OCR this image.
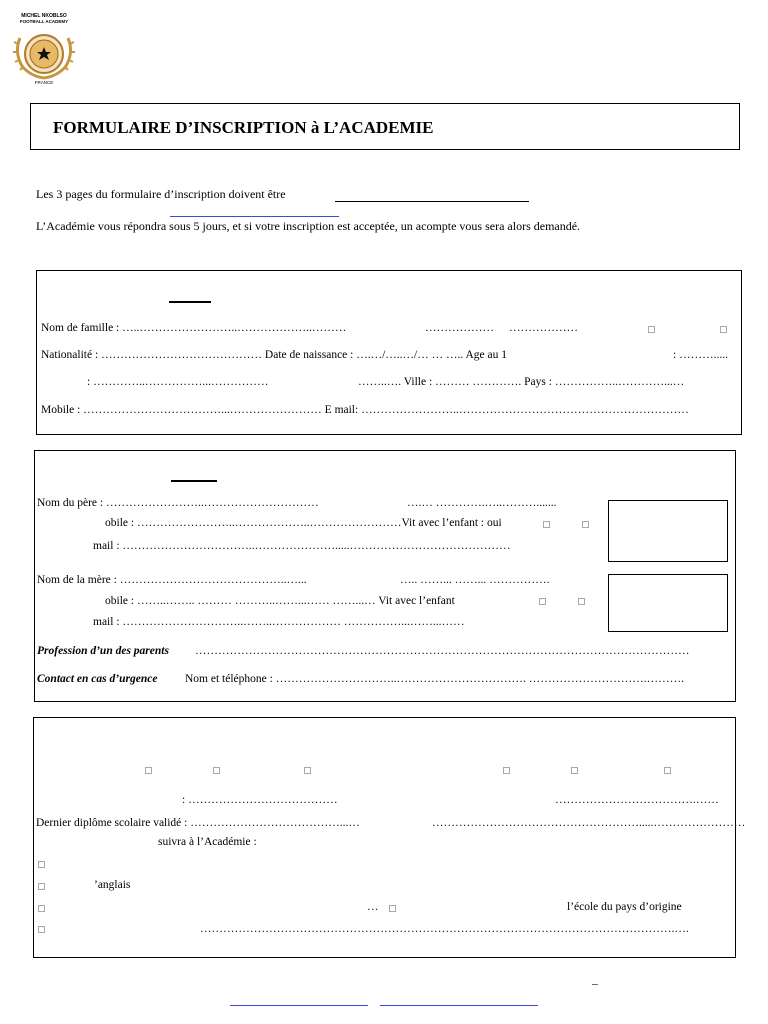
MICHEL NKOBLSO
FOOTBALL ACADEMY
FRANCE
FORMULAIRE D’INSCRIPTION à L’ACADEMIE
Les 3 pages du formulaire d’inscription doivent être
L’Académie vous répondra sous 5 jours, et si votre inscription est acceptée, un acompte vous sera alors demandé.
Nom de famille : …..……………………..………………..………	……………… ………………
Nationalité : …………………………………… Date de naissance : ….…/…..…/… … ….. Age au 1	: ……….....
: …………..……………...……………	……..…. Ville : ……… …………. Pays : ……………..…………...…
Mobile : ………………………………...…………………… E mail: ……………………..……………………………………………………
Nom du père : ……………………..…………………………	….… ………….…..……….......
obile : ……………………..………………..……………………Vit avec l’enfant : oui
mail : ……………………………..………………….....……………………………………
Nom de la mère : ……………………………………..…...	….. ……... ……... …………….
obile : ……..…….. ……… ………..……...…… ……...… Vit avec l’enfant
mail : …………………………..……..……………… ……………...……...……
Profession d’un des parents …………………………………………………………………………………………………………………
Contact en cas d’urgence Nom et téléphone : …………………………..……………………………. ………………………….……….
: …………………………………	……………………………….……
Dernier diplôme scolaire validé : …………………………………...…	……………………………………………….....……………………
suivra à l’Académie :
’anglais
…	l’école du pays d’origine
…………………………………………………………………………………………………………….….
–
